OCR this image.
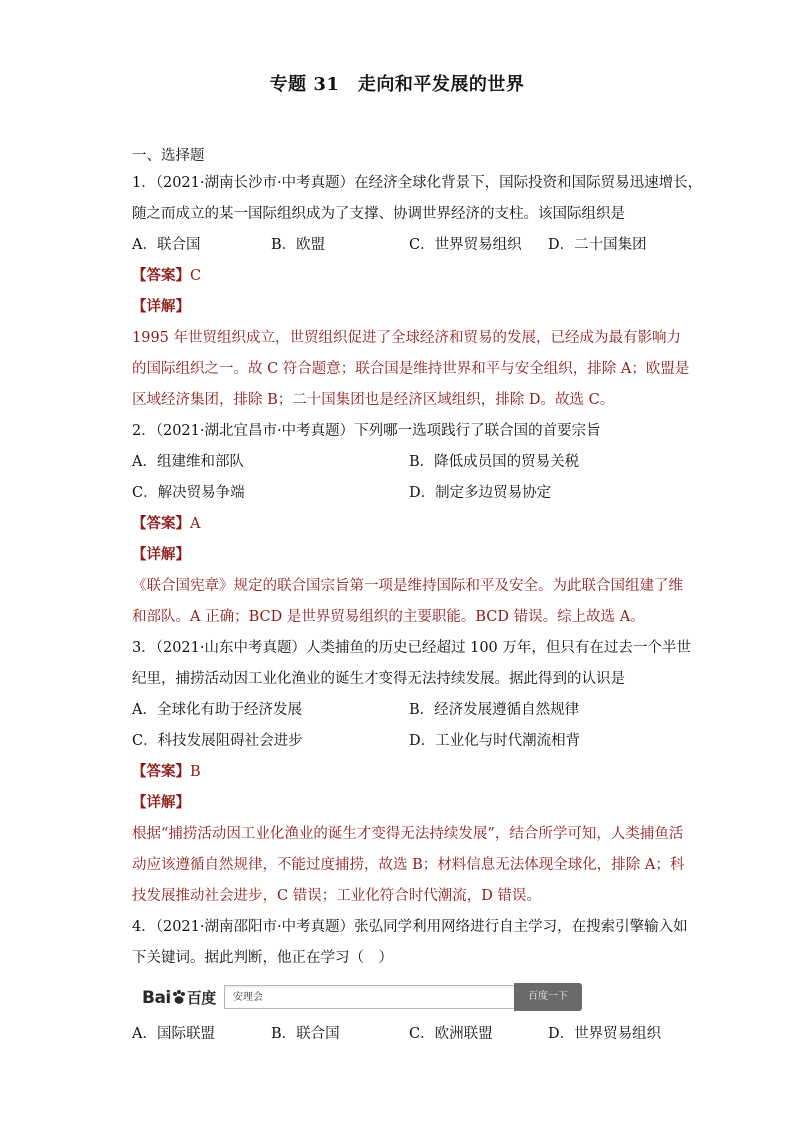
专题 31　走向和平发展的世界
一、选择题
1．（2021·湖南长沙市·中考真题）在经济全球化背景下，国际投资和国际贸易迅速增长，
随之而成立的某一国际组织成为了支撑、协调世界经济的支柱。该国际组织是
A．联合国	B．欧盟	C．世界贸易组织 D．二十国集团
【答案】C
【详解】
1995 年世贸组织成立，世贸组织促进了全球经济和贸易的发展，已经成为最有影响力
的国际组织之一。故 C 符合题意；联合国是维持世界和平与安全组织，排除 A；欧盟是
区域经济集团，排除 B；二十国集团也是经济区域组织，排除 D。故选 C。
2．（2021·湖北宜昌市·中考真题）下列哪一选项践行了联合国的首要宗旨
A．组建维和部队	B．降低成员国的贸易关税
C．解决贸易争端	D．制定多边贸易协定
【答案】A
【详解】
《联合国宪章》规定的联合国宗旨第一项是维持国际和平及安全。为此联合国组建了维
和部队。A 正确；BCD 是世界贸易组织的主要职能。BCD 错误。综上故选 A。
3．（2021·山东中考真题）人类捕鱼的历史已经超过 100 万年，但只有在过去一个半世
纪里，捕捞活动因工业化渔业的诞生才变得无法持续发展。据此得到的认识是
A．全球化有助于经济发展	B．经济发展遵循自然规律
C．科技发展阻碍社会进步	D．工业化与时代潮流相背
【答案】B
【详解】
根据“捕捞活动因工业化渔业的诞生才变得无法持续发展”，结合所学可知，人类捕鱼活
动应该遵循自然规律，不能过度捕捞，故选 B；材料信息无法体现全球化，排除 A；科
技发展推动社会进步，C 错误；工业化符合时代潮流，D 错误。
4．（2021·湖南邵阳市·中考真题）张弘同学利用网络进行自主学习，在搜索引擎输入如
下关键词。据此判断，他正在学习（　）
Bai 百度	安理会	百度一下
A．国际联盟	B．联合国	C．欧洲联盟	D．世界贸易组织
